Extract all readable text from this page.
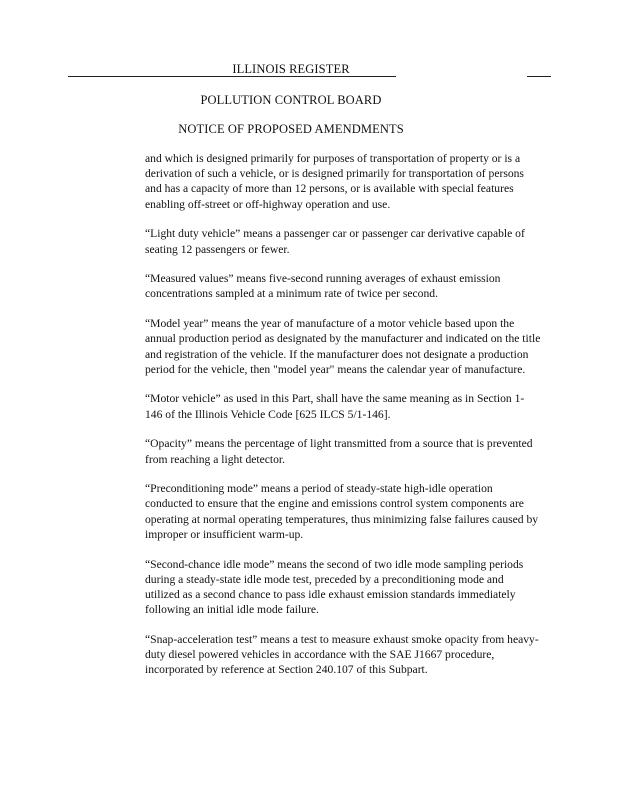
ILLINOIS REGISTER
POLLUTION CONTROL BOARD
NOTICE OF PROPOSED AMENDMENTS

and which is designed primarily for purposes of transportation of property or is a derivation of such a vehicle, or is designed primarily for transportation of persons and has a capacity of more than 12 persons, or is available with special features enabling off-street or off-highway operation and use.

“Light duty vehicle” means a passenger car or passenger car derivative capable of seating 12 passengers or fewer.

“Measured values” means five-second running averages of exhaust emission concentrations sampled at a minimum rate of twice per second.

“Model year” means the year of manufacture of a motor vehicle based upon the annual production period as designated by the manufacturer and indicated on the title and registration of the vehicle. If the manufacturer does not designate a production period for the vehicle, then "model year" means the calendar year of manufacture.

“Motor vehicle” as used in this Part, shall have the same meaning as in Section 1-146 of the Illinois Vehicle Code [625 ILCS 5/1-146].

“Opacity” means the percentage of light transmitted from a source that is prevented from reaching a light detector.

“Preconditioning mode” means a period of steady-state high-idle operation conducted to ensure that the engine and emissions control system components are operating at normal operating temperatures, thus minimizing false failures caused by improper or insufficient warm-up.

“Second-chance idle mode” means the second of two idle mode sampling periods during a steady-state idle mode test, preceded by a preconditioning mode and utilized as a second chance to pass idle exhaust emission standards immediately following an initial idle mode failure.

“Snap-acceleration test” means a test to measure exhaust smoke opacity from heavy-duty diesel powered vehicles in accordance with the SAE J1667 procedure, incorporated by reference at Section 240.107 of this Subpart.
